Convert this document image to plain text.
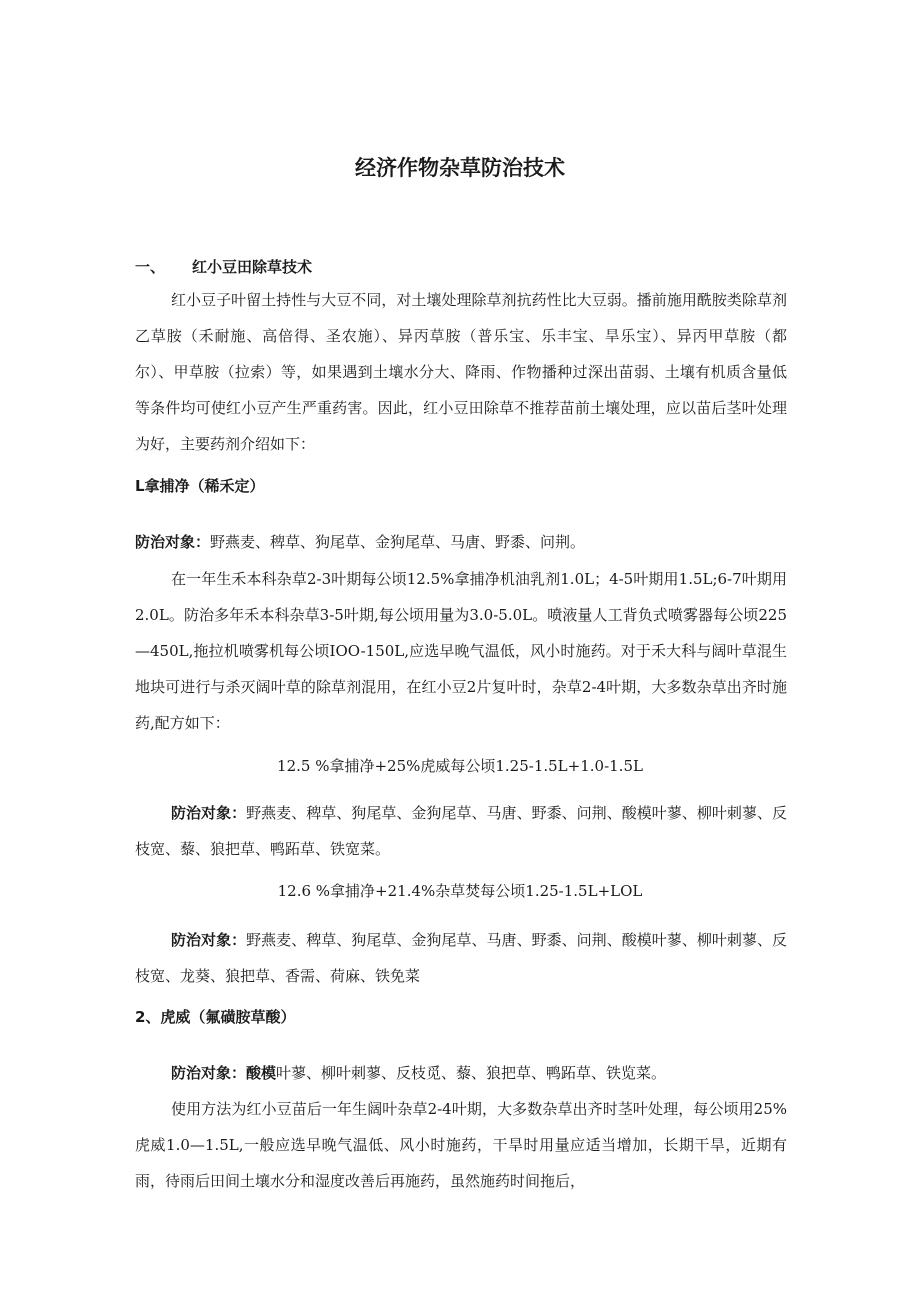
经济作物杂草防治技术
一、 红小豆田除草技术

红小豆子叶留土持性与大豆不同，对土壤处理除草剂抗药性比大豆弱。播前施用酰胺类除草剂乙草胺（禾耐施、高倍得、圣农施）、异丙草胺（普乐宝、乐丰宝、旱乐宝）、异丙甲草胺（都尔）、甲草胺（拉索）等，如果遇到土壤水分大、降雨、作物播种过深出苗弱、土壤有机质含量低等条件均可使红小豆产生严重药害。因此，红小豆田除草不推荐苗前土壤处理，应以苗后茎叶处理为好，主要药剂介绍如下：

L拿捕净（稀禾定）

防治对象：野燕麦、稗草、狗尾草、金狗尾草、马唐、野黍、问荆。

在一年生禾本科杂草2-3叶期每公顷12.5%拿捕净机油乳剂1.0L；4-5叶期用1.5L;6-7叶期用2.0L。防治多年禾本科杂草3-5叶期,每公顷用量为3.0-5.0L。喷液量人工背负式喷雾器每公顷225—450L,拖拉机喷雾机每公顷IOO-150L,应选早晚气温低，风小时施药。对于禾大科与阔叶草混生地块可进行与杀灭阔叶草的除草剂混用，在红小豆2片复叶时，杂草2-4叶期，大多数杂草出齐时施药,配方如下：

12.5 %拿捕净+25%虎威每公顷1.25-1.5L+1.0-1.5L

防治对象：野燕麦、稗草、狗尾草、金狗尾草、马唐、野黍、问荆、酸模叶蓼、柳叶刺蓼、反枝宽、藜、狼把草、鸭跖草、铁宽菜。

12.6 %拿捕净+21.4%杂草焚每公顷1.25-1.5L+LOL

防治对象：野燕麦、稗草、狗尾草、金狗尾草、马唐、野黍、问荆、酸模叶蓼、柳叶刺蓼、反枝宽、龙葵、狼把草、香需、荷麻、铁免菜

2、虎威（氟磺胺草酸）

防治对象：酸模叶蓼、柳叶刺蓼、反枝觅、藜、狼把草、鸭跖草、铁览菜。

使用方法为红小豆苗后一年生阔叶杂草2-4叶期，大多数杂草出齐时茎叶处理，每公顷用25%虎威1.0—1.5L,一般应选早晚气温低、风小时施药，干旱时用量应适当增加，长期干旱，近期有雨，待雨后田间土壤水分和湿度改善后再施药，虽然施药时间拖后，
